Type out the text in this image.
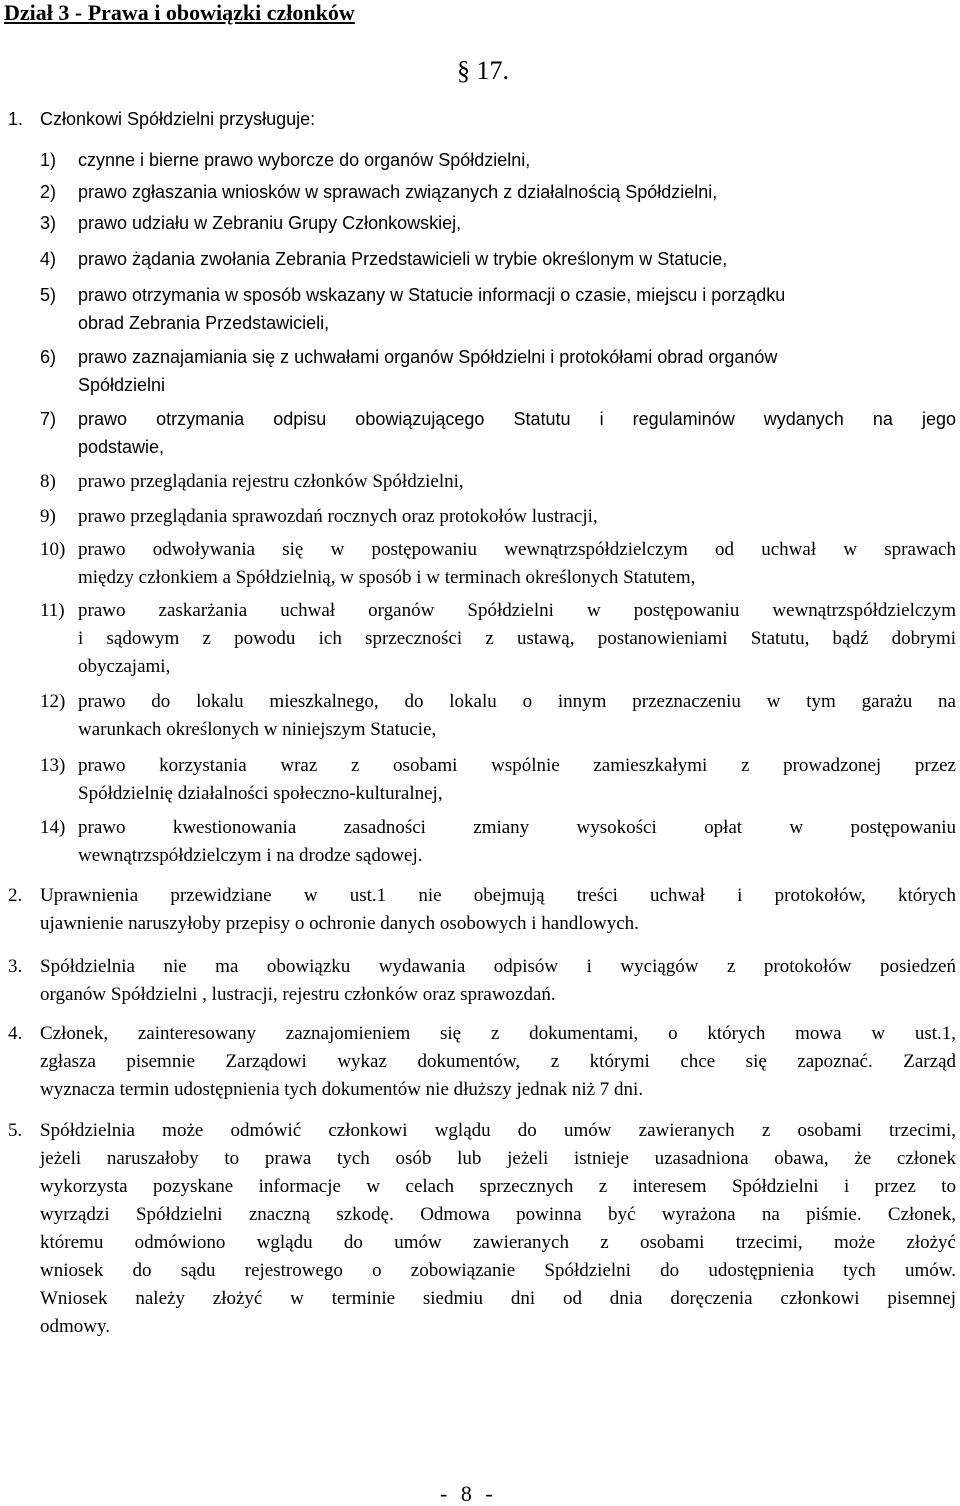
Dział 3 - Prawa i obowiązki członków
§ 17.
1. Członkowi Spółdzielni przysługuje:
1) czynne i bierne prawo wyborcze do organów Spółdzielni,
2) prawo zgłaszania wniosków w sprawach związanych z działalnością Spółdzielni,
3) prawo udziału w Zebraniu Grupy Członkowskiej,
4) prawo żądania zwołania Zebrania Przedstawicieli w trybie określonym w Statucie,
5) prawo otrzymania w sposób wskazany w Statucie informacji o czasie, miejscu i porządku
obrad Zebrania Przedstawicieli,
6) prawo zaznajamiania się z uchwałami organów Spółdzielni i protokółami obrad organów
Spółdzielni
7) prawo otrzymania odpisu obowiązującego Statutu i regulaminów wydanych na jego
podstawie,
8) prawo przeglądania rejestru członków Spółdzielni,
9) prawo przeglądania sprawozdań rocznych oraz protokołów lustracji,
10) prawo odwoływania się w postępowaniu wewnątrzspółdzielczym od uchwał w sprawach
między członkiem a Spółdzielnią, w sposób i w terminach określonych Statutem,
11) prawo zaskarżania uchwał organów Spółdzielni w postępowaniu wewnątrzspółdzielczym
i sądowym z powodu ich sprzeczności z ustawą, postanowieniami Statutu, bądź dobrymi
obyczajami,
12) prawo do lokalu mieszkalnego, do lokalu o innym przeznaczeniu w tym garażu na
warunkach określonych w niniejszym Statucie,
13) prawo korzystania wraz z osobami wspólnie zamieszkałymi z prowadzonej przez
Spółdzielnię działalności społeczno-kulturalnej,
14) prawo kwestionowania zasadności zmiany wysokości opłat w postępowaniu
wewnątrzspółdzielczym i na drodze sądowej.
2. Uprawnienia przewidziane w ust.1 nie obejmują treści uchwał i protokołów, których
ujawnienie naruszyłoby przepisy o ochronie danych osobowych i handlowych.
3. Spółdzielnia nie ma obowiązku wydawania odpisów i wyciągów z protokołów posiedzeń
organów Spółdzielni , lustracji, rejestru członków oraz sprawozdań.
4. Członek, zainteresowany zaznajomieniem się z dokumentami, o których mowa w ust.1,
zgłasza pisemnie Zarządowi wykaz dokumentów, z którymi chce się zapoznać. Zarząd
wyznacza termin udostępnienia tych dokumentów nie dłuższy jednak niż 7 dni.
5. Spółdzielnia może odmówić członkowi wglądu do umów zawieranych z osobami trzecimi,
jeżeli naruszałoby to prawa tych osób lub jeżeli istnieje uzasadniona obawa, że członek
wykorzysta pozyskane informacje w celach sprzecznych z interesem Spółdzielni i przez to
wyrządzi Spółdzielni znaczną szkodę. Odmowa powinna być wyrażona na piśmie. Członek,
któremu odmówiono wglądu do umów zawieranych z osobami trzecimi, może złożyć
wniosek do sądu rejestrowego o zobowiązanie Spółdzielni do udostępnienia tych umów.
Wniosek należy złożyć w terminie siedmiu dni od dnia doręczenia członkowi pisemnej
odmowy.
- 8 -
